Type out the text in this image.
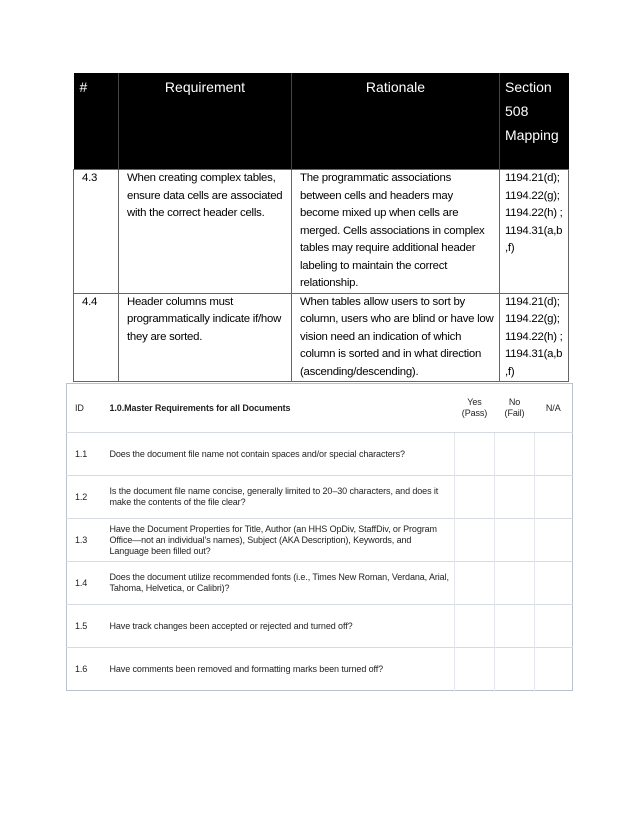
#	Requirement	Rationale	Section 508 Mapping
4.3	When creating complex tables, ensure data cells are associated with the correct header cells.	The programmatic associations between cells and headers may become mixed up when cells are merged. Cells associations in complex tables may require additional header labeling to maintain the correct relationship.	1194.21(d); 1194.22(g); 1194.22(h) ; 1194.31(a,b ,f)
4.4	Header columns must programmatically indicate if/how they are sorted.	When tables allow users to sort by column, users who are blind or have low vision need an indication of which column is sorted and in what direction (ascending/descending).	1194.21(d); 1194.22(g); 1194.22(h) ; 1194.31(a,b ,f)
ID	1.0.Master Requirements for all Documents	Yes (Pass)	No (Fail)	N/A
1.1	Does the document file name not contain spaces and/or special characters?			
1.2	Is the document file name concise, generally limited to 20–30 characters, and does it make the contents of the file clear?			
1.3	Have the Document Properties for Title, Author (an HHS OpDiv, StaffDiv, or Program Office—not an individual’s names), Subject (AKA Description), Keywords, and Language been filled out?			
1.4	Does the document utilize recommended fonts (i.e., Times New Roman, Verdana, Arial, Tahoma, Helvetica, or Calibri)?			
1.5	Have track changes been accepted or rejected and turned off?			
1.6	Have comments been removed and formatting marks been turned off?			
